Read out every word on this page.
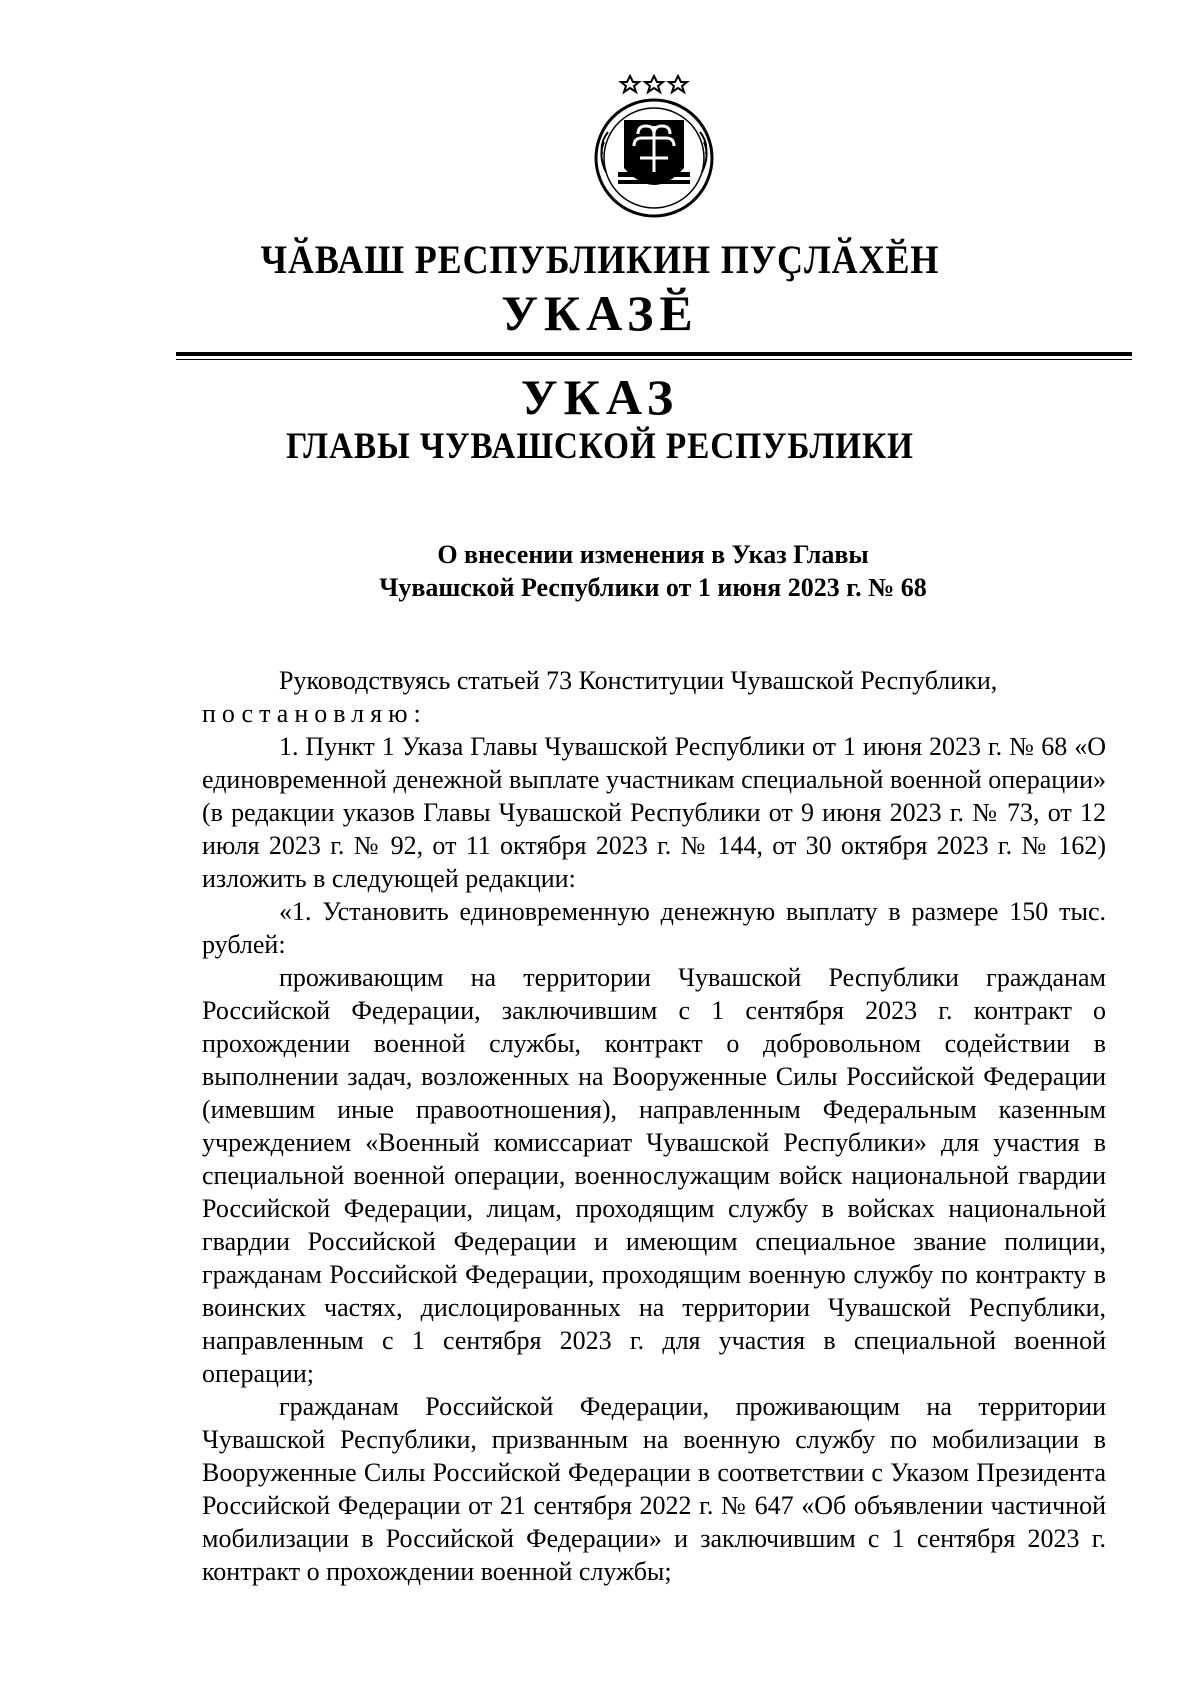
ЧӐВАШ РЕСПУБЛИКИН ПУҪЛӐХӖН
УКАЗӖ
УКАЗ
ГЛАВЫ ЧУВАШСКОЙ РЕСПУБЛИКИ
О внесении изменения в Указ Главы
Чувашской Республики от 1 июня 2023 г. № 68

Руководствуясь статьей 73 Конституции Чувашской Республики,

постановляю:

1. Пункт 1 Указа Главы Чувашской Республики от 1 июня 2023 г. № 68 «О единовременной денежной выплате участникам специальной военной операции» (в редакции указов Главы Чувашской Республики от 9 июня 2023 г. № 73, от 12 июля 2023 г. № 92, от 11 октября 2023 г. № 144, от 30 октября 2023 г. № 162) изложить в следующей редакции:

«1. Установить единовременную денежную выплату в размере 150 тыс. рублей:

проживающим на территории Чувашской Республики гражданам Российской Федерации, заключившим с 1 сентября 2023 г. контракт о прохождении военной службы, контракт о добровольном содействии в выполнении задач, возложенных на Вооруженные Силы Российской Федерации (имевшим иные правоотношения), направленным Федеральным казенным учреждением «Военный комиссариат Чувашской Республики» для участия в специальной военной операции, военнослужащим войск национальной гвардии Российской Федерации, лицам, проходящим службу в войсках национальной гвардии Российской Федерации и имеющим специальное звание полиции, гражданам Российской Федерации, проходящим военную службу по контракту в воинских частях, дислоцированных на территории Чувашской Республики, направленным с 1 сентября 2023 г. для участия в специальной военной операции;

гражданам Российской Федерации, проживающим на территории Чувашской Республики, призванным на военную службу по мобилизации в Вооруженные Силы Российской Федерации в соответствии с Указом Президента Российской Федерации от 21 сентября 2022 г. № 647 «Об объявлении частичной мобилизации в Российской Федерации» и заключившим с 1 сентября 2023 г. контракт о прохождении военной службы;
